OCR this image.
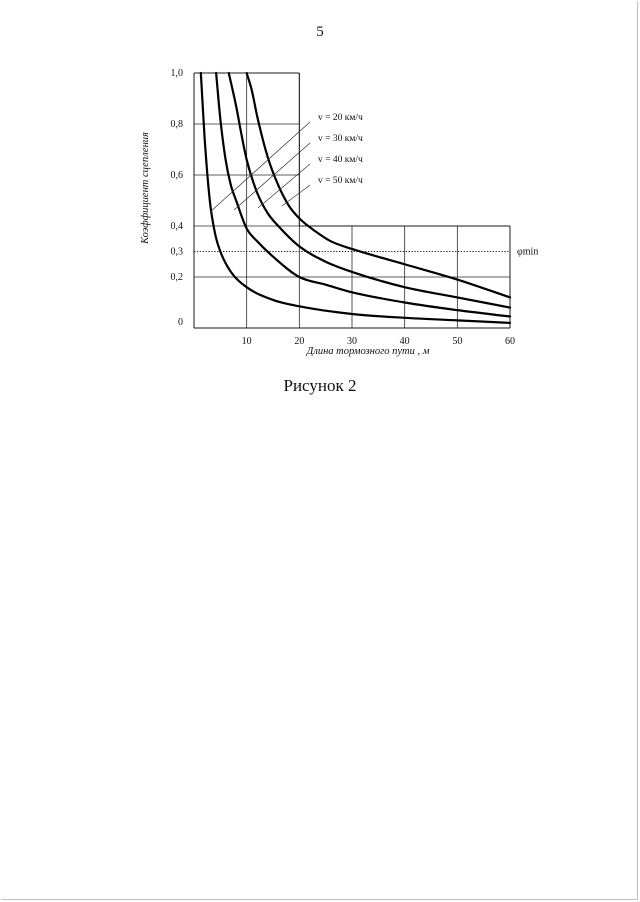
5
φmin
10	20	30	40	50	60
0
0,2
0,3
0,4
0,6
0,8
1,0
v = 20 км/ч
v = 30 км/ч
v = 40 км/ч
v = 50 км/ч
Длина тормозного пути , м
Коэффициент сцепления
Рисунок 2
